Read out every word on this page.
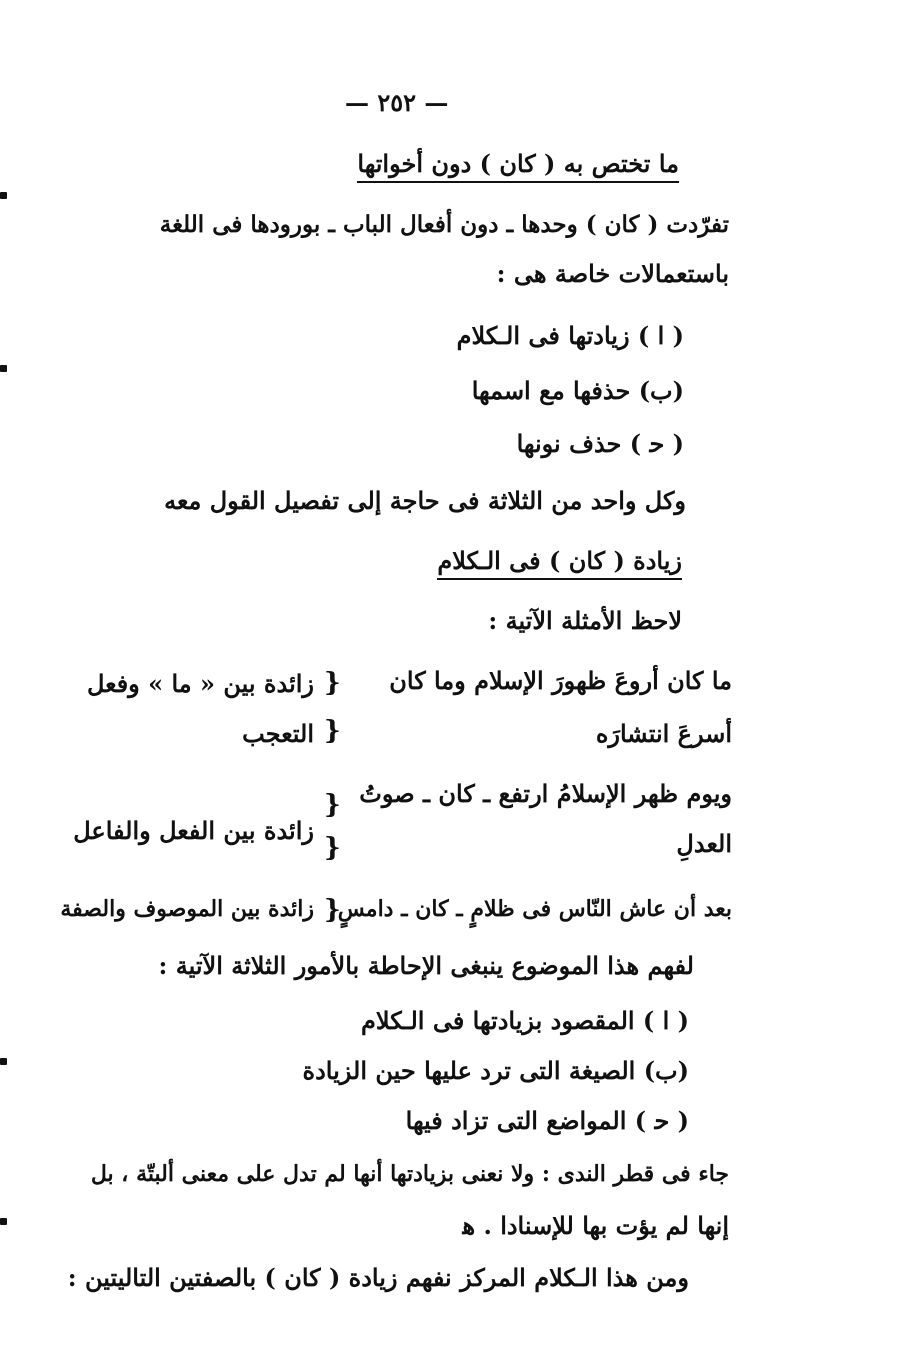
— ٢٥٢ —
ما تختص به ( كان ) دون أخواتها
تفرّدت ( كان ) وحدها ـ دون أفعال الباب ـ بورودها فى اللغة
باستعمالات خاصة هى :
( ا ) زيادتها فى الـكلام
(ب) حذفها مع اسمها
( ﺣ ) حذف نونها
وكل واحد من الثلاثة فى حاجة إلى تفصيل القول معه
زيادة ( كان ) فى الـكلام
لاحظ الأمثلة الآتية :
ما كان أروعَ ظهورَ الإسلام وما كان
أسرعَ انتشارَه
{
{
زائدة بين « ما » وفعل
التعجب
ويوم ظهر الإسلامُ ارتفع ـ كان ـ صوتُ
العدلِ
{
{
زائدة بين الفعل والفاعل
بعد أن عاش النّاس فى ظلامٍ ـ كان ـ دامسٍ
{
زائدة بين الموصوف والصفة
لفهم هذا الموضوع ينبغى الإحاطة بالأمور الثلاثة الآتية :
( ا ) المقصود بزيادتها فى الـكلام
(ب) الصيغة التى ترد عليها حين الزيادة
( ﺣ ) المواضع التى تزاد فيها
جاء فى قطر الندى : ولا نعنى بزيادتها أنها لم تدل على معنى ألبتّة ، بل
إنها لم يؤت بها للإسنادا . ﻫ
ومن هذا الـكلام المركز نفهم زيادة ( كان ) بالصفتين التاليتين :
